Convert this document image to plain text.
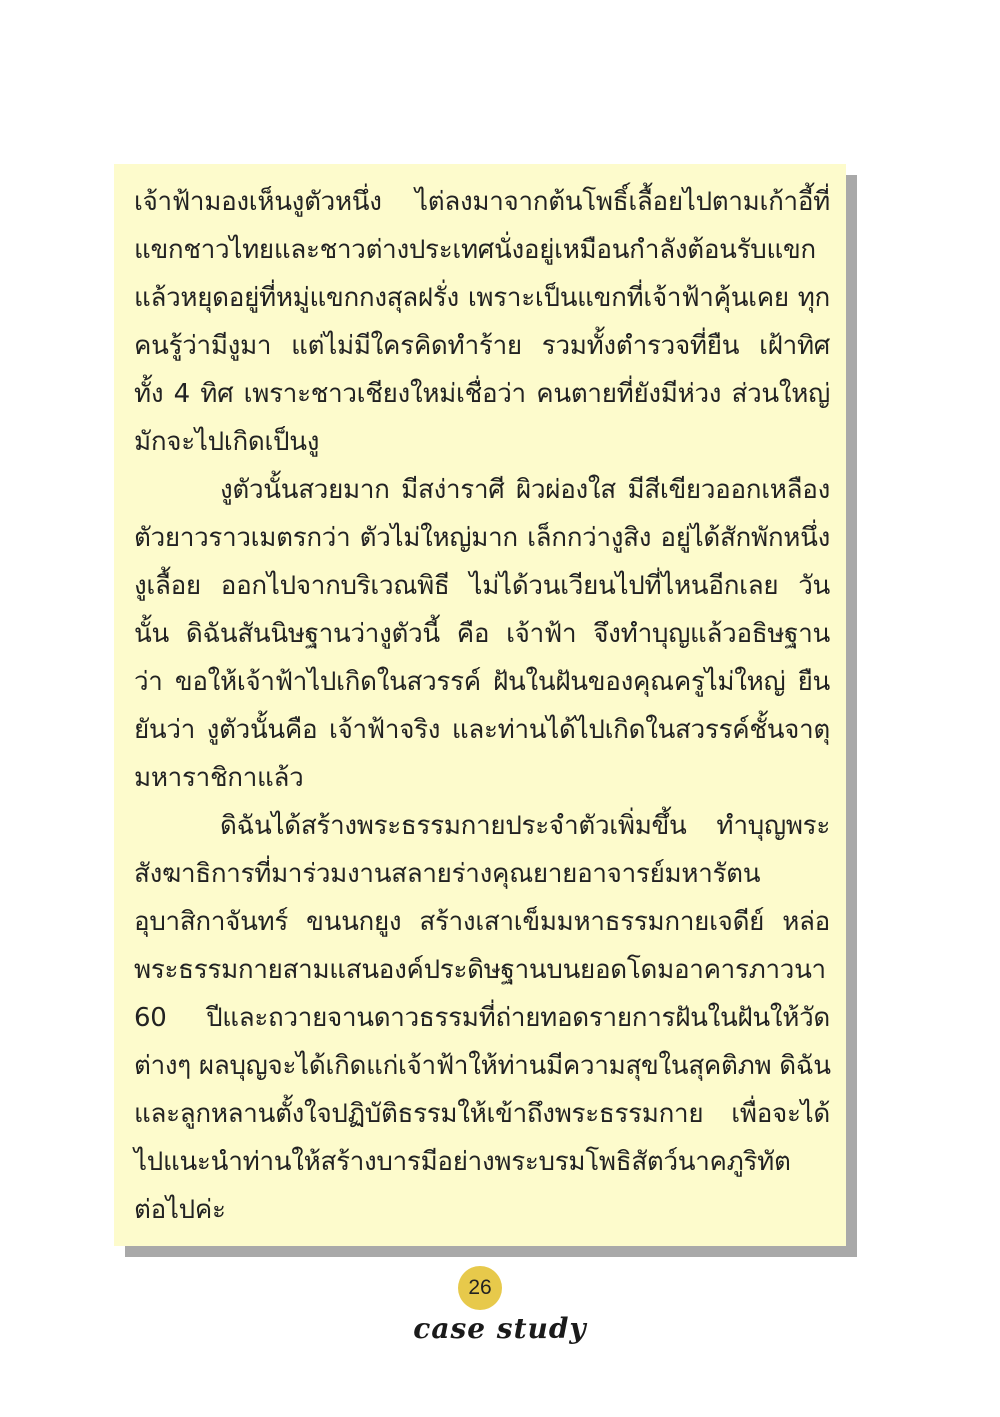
เจ้าฟ้ามองเห็นงูตัวหนึ่ง ไต่ลงมาจากต้นโพธิ์เลื้อยไปตามเก้าอี้ที่
แขกชาวไทยและชาวต่างประเทศนั่งอยู่เหมือนกำลังต้อนรับแขก
แล้วหยุดอยู่ที่หมู่แขกกงสุลฝรั่ง เพราะเป็นแขกที่เจ้าฟ้าคุ้นเคย ทุก
คนรู้ว่ามีงูมา แต่ไม่มีใครคิดทำร้าย รวมทั้งตำรวจที่ยืน เฝ้าทิศ
ทั้ง 4 ทิศ เพราะชาวเชียงใหม่เชื่อว่า คนตายที่ยังมีห่วง ส่วนใหญ่
มักจะไปเกิดเป็นงู
งูตัวนั้นสวยมาก มีสง่าราศี ผิวผ่องใส มีสีเขียวออกเหลือง
ตัวยาวราวเมตรกว่า ตัวไม่ใหญ่มาก เล็กกว่างูสิง อยู่ได้สักพักหนึ่ง
งูเลื้อย ออกไปจากบริเวณพิธี ไม่ได้วนเวียนไปที่ไหนอีกเลย วัน
นั้น ดิฉันสันนิษฐานว่างูตัวนี้ คือ เจ้าฟ้า จึงทำบุญแล้วอธิษฐาน
ว่า ขอให้เจ้าฟ้าไปเกิดในสวรรค์ ฝันในฝันของคุณครูไม่ใหญ่ ยืน
ยันว่า งูตัวนั้นคือ เจ้าฟ้าจริง และท่านได้ไปเกิดในสวรรค์ชั้นจาตุ
มหาราชิกาแล้ว
ดิฉันได้สร้างพระธรรมกายประจำตัวเพิ่มขึ้น ทำบุญพระ
สังฆาธิการที่มาร่วมงานสลายร่างคุณยายอาจารย์มหารัตน
อุบาสิกาจันทร์ ขนนกยูง สร้างเสาเข็มมหาธรรมกายเจดีย์ หล่อ
พระธรรมกายสามแสนองค์ประดิษฐานบนยอดโดมอาคารภาวนา
60 ปีและถวายจานดาวธรรมที่ถ่ายทอดรายการฝันในฝันให้วัด
ต่างๆ ผลบุญจะได้เกิดแก่เจ้าฟ้าให้ท่านมีความสุขในสุคติภพ ดิฉัน
และลูกหลานตั้งใจปฏิบัติธรรมให้เข้าถึงพระธรรมกาย เพื่อจะได้
ไปแนะนำท่านให้สร้างบารมีอย่างพระบรมโพธิสัตว์นาคภูริทัต
ต่อไปค่ะ
26
case study
